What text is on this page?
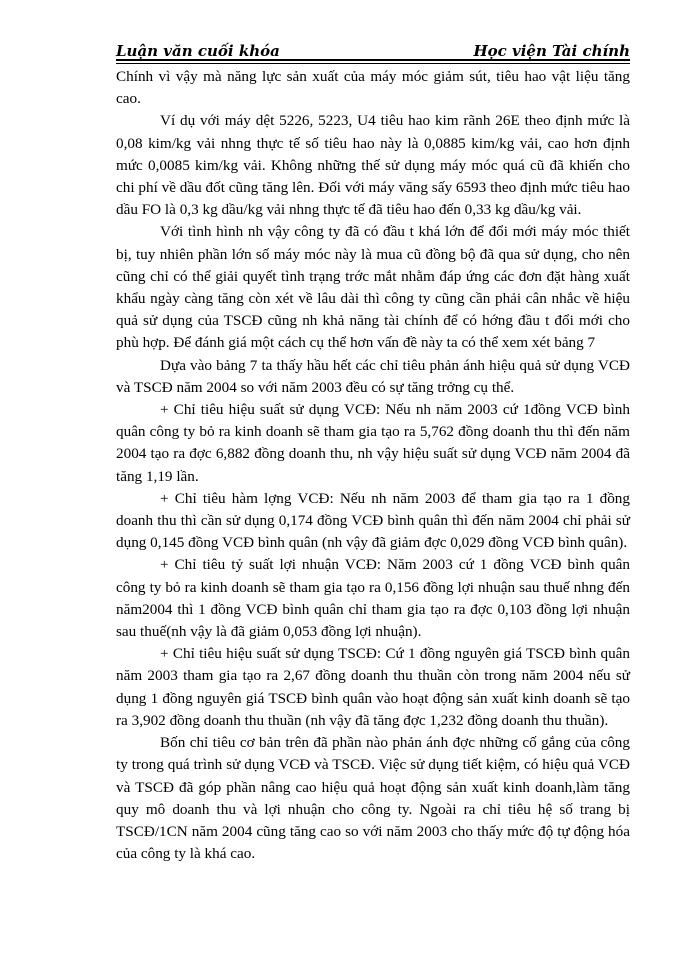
Luận văn cuối khóa	Học viện Tài chính

Chính vì vậy mà năng lực sản xuất của máy móc giảm sút, tiêu hao vật liệu tăng cao.

Ví dụ với máy dệt 5226, 5223, U4 tiêu hao kim rãnh 26E theo định mức là 0,08 kim/kg vải nhng thực tế số tiêu hao này là 0,0885 kim/kg vải, cao hơn định mức 0,0085 kim/kg vải. Không những thế sử dụng máy móc quá cũ đã khiến cho chi phí về dầu đốt cũng tăng lên. Đối với máy văng sấy 6593 theo định mức tiêu hao dầu FO là 0,3 kg dầu/kg vải nhng thực tế đã tiêu hao đến 0,33 kg dầu/kg vải.

Với tình hình nh vậy công ty đã có đầu t khá lớn để đổi mới máy móc thiết bị, tuy nhiên phần lớn số máy móc này là mua cũ đồng bộ đã qua sử dụng, cho nên cũng chỉ có thể giải quyết tình trạng trớc mắt nhằm đáp ứng các đơn đặt hàng xuất khẩu ngày càng tăng còn xét về lâu dài thì công ty cũng cần phải cân nhắc về hiệu quả sử dụng của TSCĐ cũng nh khả năng tài chính để có hớng đầu t đổi mới cho phù hợp. Để đánh giá một cách cụ thể hơn vấn đề này ta có thể xem xét bảng 7

Dựa vào bảng 7 ta thấy hầu hết các chỉ tiêu phản ánh hiệu quả sử dụng VCĐ và TSCĐ năm 2004 so với năm 2003 đều có sự tăng trởng cụ thể.

+ Chỉ tiêu hiệu suất sử dụng VCĐ: Nếu nh năm 2003 cứ 1đồng VCĐ bình quân công ty bỏ ra kinh doanh sẽ tham gia tạo ra 5,762 đồng doanh thu thì đến năm 2004 tạo ra đợc 6,882 đồng doanh thu, nh vậy hiệu suất sử dụng VCĐ năm 2004 đã tăng 1,19 lần.

+ Chỉ tiêu hàm lợng VCĐ: Nếu nh năm 2003 để tham gia tạo ra 1 đồng doanh thu thì cần sử dụng 0,174 đồng VCĐ bình quân thì đến năm 2004 chỉ phải sử dụng 0,145 đồng VCĐ bình quân (nh vậy đã giảm đợc 0,029 đồng VCĐ bình quân).

+ Chỉ tiêu tỷ suất lợi nhuận VCĐ: Năm 2003 cứ 1 đồng VCĐ bình quân công ty bỏ ra kinh doanh sẽ tham gia tạo ra 0,156 đồng lợi nhuận sau thuế nhng đến năm2004 thì 1 đồng VCĐ bình quân chỉ tham gia tạo ra đợc 0,103 đồng lợi nhuận sau thuế(nh vậy là đã giảm 0,053 đồng lợi nhuận).

+ Chỉ tiêu hiệu suất sử dụng TSCĐ: Cứ 1 đồng nguyên giá TSCĐ bình quân năm 2003 tham gia tạo ra 2,67 đồng doanh thu thuần còn trong năm 2004 nếu sử dụng 1 đồng nguyên giá TSCĐ bình quân vào hoạt động sản xuất kinh doanh sẽ tạo ra 3,902 đồng doanh thu thuần (nh vậy đã tăng đợc 1,232 đồng doanh thu thuần).

Bốn chỉ tiêu cơ bản trên đã phần nào phản ánh đợc những cố gắng của công ty trong quá trình sử dụng VCĐ và TSCĐ. Việc sử dụng tiết kiệm, có hiệu quả VCĐ và TSCĐ đã góp phần nâng cao hiệu quả hoạt động sản xuất kinh doanh,làm tăng quy mô doanh thu và lợi nhuận cho công ty. Ngoài ra chỉ tiêu hệ số trang bị TSCĐ/1CN năm 2004 cũng tăng cao so với năm 2003 cho thấy mức độ tự động hóa của công ty là khá cao.
